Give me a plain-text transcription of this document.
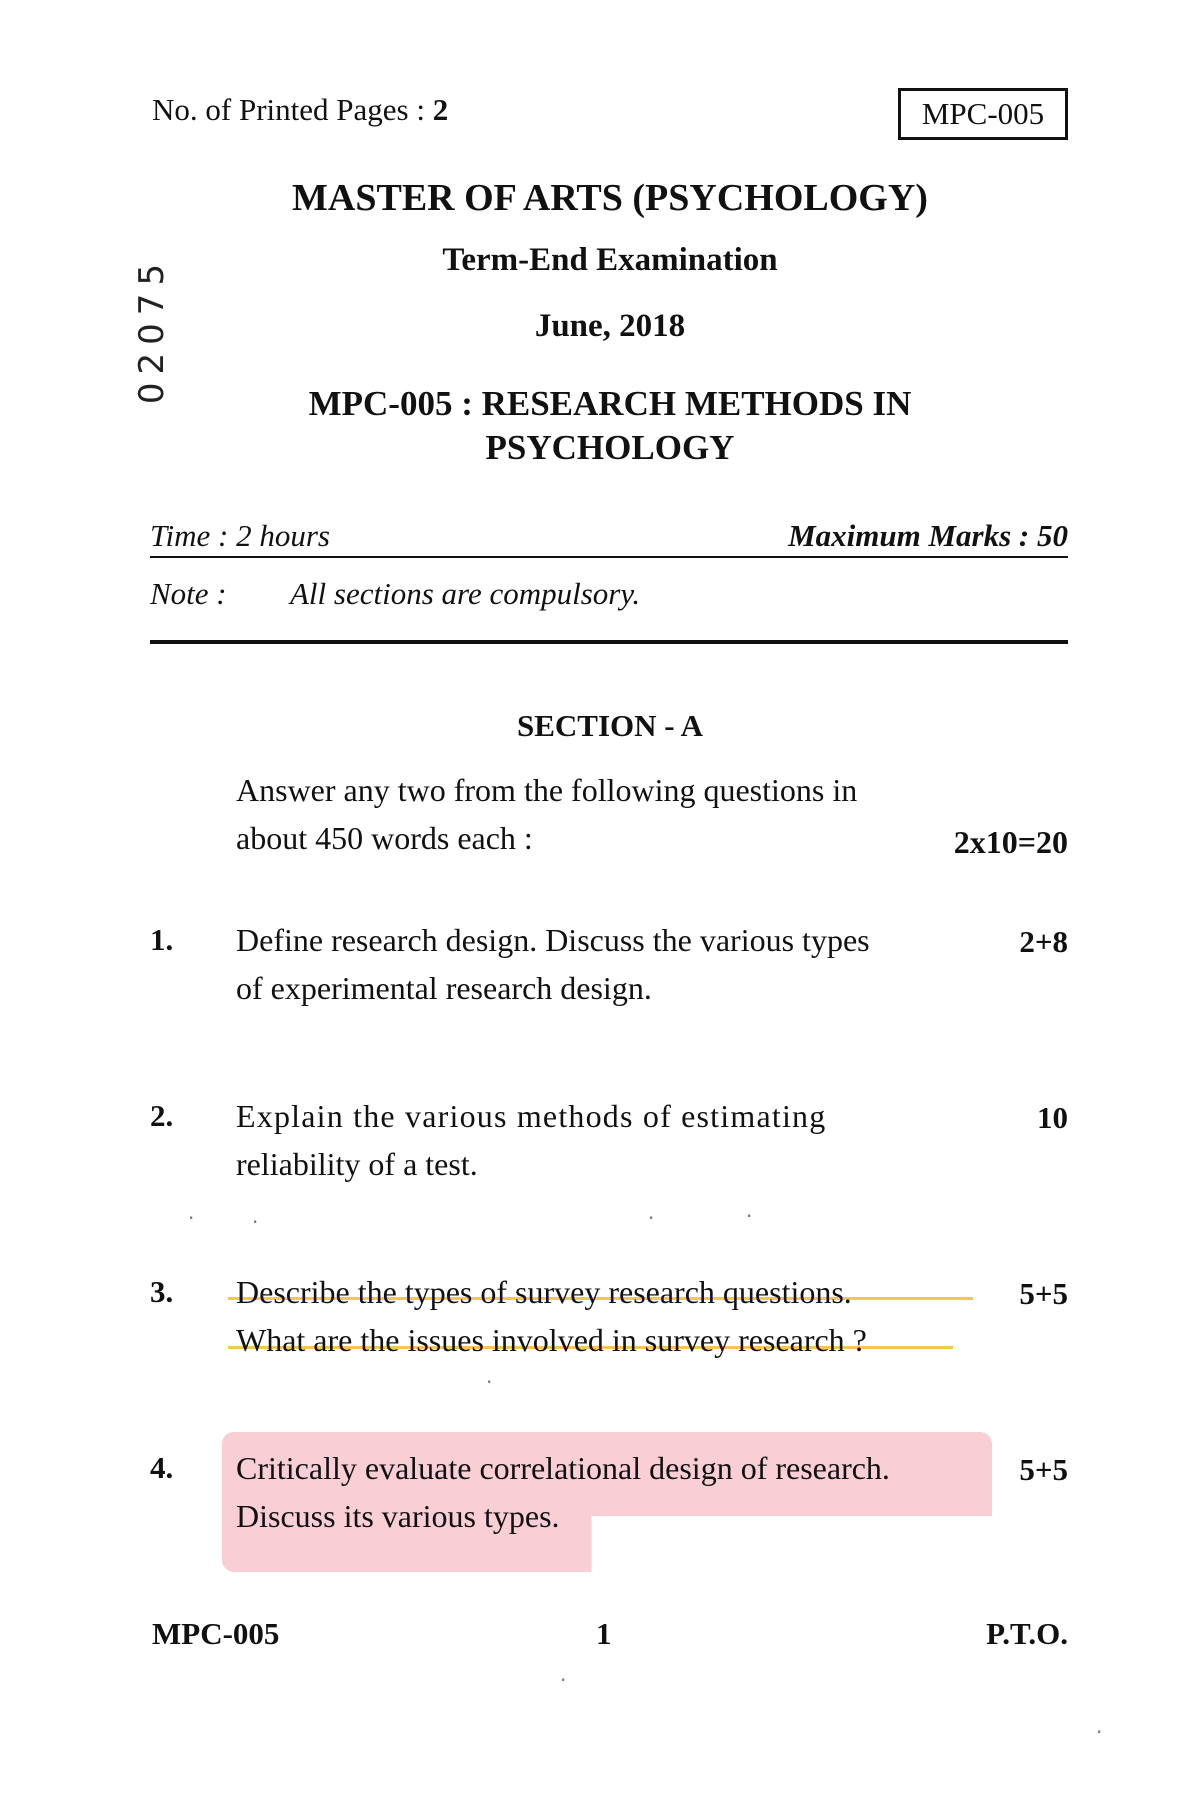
No. of Printed Pages : 2	MPC-005
02075
MASTER OF ARTS (PSYCHOLOGY)
Term-End Examination
June, 2018
MPC-005 : RESEARCH METHODS IN
PSYCHOLOGY
Time : 2 hours	Maximum Marks : 50
Note : All sections are compulsory.
SECTION - A
Answer any two from the following questions in
about 450 words each :	2x10=20
1. Define research design. Discuss the various types
of experimental research design.
2+8
2. Explain the various methods of estimating
reliability of a test.
10
3. Describe the types of survey research questions.
What are the issues involved in survey research ?
5+5
4. Critically evaluate correlational design of research.
Discuss its various types.
5+5
·	·	·	·
·
·
·
MPC-005	1	P.T.O.
